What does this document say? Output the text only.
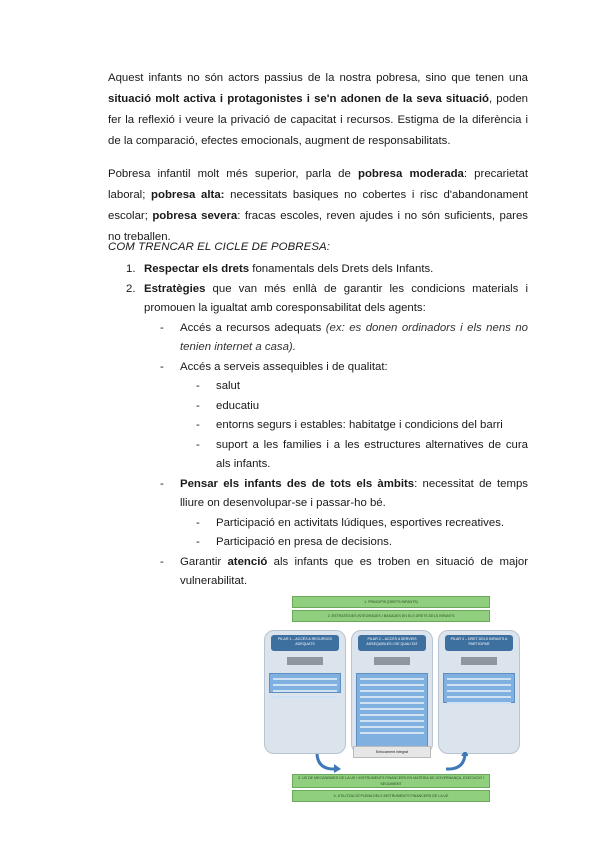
Aquest infants no són actors passius de la nostra pobresa, sino que tenen una situació molt activa i protagonistes i se'n adonen de la seva situació, poden fer la reflexió i veure la privació de capacitat i recursos. Estigma de la diferència i de la comparació, efectes emocionals, augment de responsabilitats.

Pobresa infantil molt més superior, parla de pobresa moderada: precarietat laboral; pobresa alta: necessitats basiques no cobertes i risc d'abandonament escolar; pobresa severa: fracas escoles, reven ajudes i no són suficients, pares no treballen.

COM TRENCAR EL CICLE DE POBRESA:

1. Respectar els drets fonamentals dels Drets dels Infants.
2. Estratègies que van més enllà de garantir les condicions materials i promouen la igualtat amb coresponsabilitat dels agents:
- Accés a recursos adequats (ex: es donen ordinadors i els nens no tenien internet a casa).
- Accés a serveis assequibles i de qualitat:
- salut
- educatiu
- entorns segurs i estables: habitatge i condicions del barri
- suport a les families i a les estructures alternatives de cura als infants.
- Pensar els infants des de tots els àmbits: necessitat de temps lliure on desenvolupar-se i passar-ho bé.
- Participació en activitats lúdiques, esportives recreatives.
- Participació en presa de decisions.
- Garantir atenció als infants que es troben en situació de major vulnerabilitat.
1. PRINCIPIS (DRETS INFANTS)
2. ESTRATÈGIES INTEGRADES I BASADES EN ELS DRETS DELS INFANTS
PILAR 1 – ACCÉS A RECURSOS ADEQUATS
PILAR 2 – ACCÉS A SERVEIS ASSEQUIBLES I DE QUALITAT
PILAR 3 – DRET DELS INFANTS A PARTICIPAR
Enfocament integrat
3. ÚS DE MECANISMES DE LA UE I INSTRUMENTS FINANCERS EN MATÈRIA DE GOVERNANÇA, EXECUCIÓ I SEGUIMENT
4. UTILITZACIÓ PLENA DELS INSTRUMENTS FINANCERS DE LA UE
